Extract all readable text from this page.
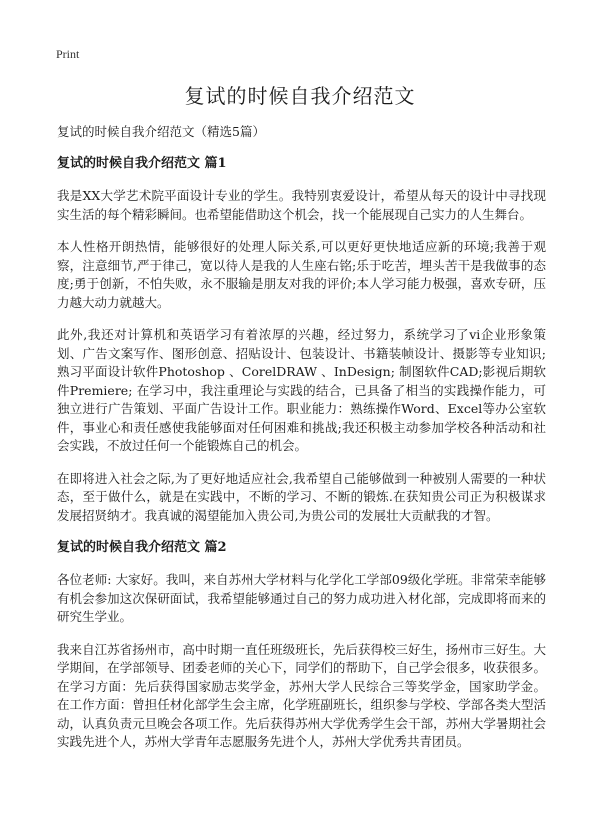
Print
复试的时候自我介绍范文

复试的时候自我介绍范文（精选5篇）

复试的时候自我介绍范文 篇1

我是XX大学艺术院平面设计专业的学生。我特别衷爱设计，希望从每天的设计中寻找现实生活的每个精彩瞬间。也希望能借助这个机会，找一个能展现自己实力的人生舞台。

本人性格开朗热情，能够很好的处理人际关系,可以更好更快地适应新的环境;我善于观察，注意细节,严于律己，宽以待人是我的人生座右铭;乐于吃苦，埋头苦干是我做事的态度;勇于创新，不怕失败，永不服输是朋友对我的评价;本人学习能力极强，喜欢专研，压力越大动力就越大。

此外,我还对计算机和英语学习有着浓厚的兴趣，经过努力，系统学习了vi企业形象策划、广告文案写作、图形创意、招贴设计、包装设计、书籍装帧设计、摄影等专业知识;熟习平面设计软件Photoshop 、CorelDRAW 、InDesign; 制图软件CAD;影视后期软件Premiere; 在学习中，我注重理论与实践的结合，已具备了相当的实践操作能力，可独立进行广告策划、平面广告设计工作。职业能力：熟练操作Word、Excel等办公室软件，事业心和责任感使我能够面对任何困难和挑战;我还积极主动参加学校各种活动和社会实践，不放过任何一个能锻炼自己的机会。

在即将进入社会之际,为了更好地适应社会,我希望自己能够做到一种被别人需要的一种状态，至于做什么，就是在实践中，不断的学习、不断的锻炼.在获知贵公司正为积极谋求发展招贤纳才。我真诚的渴望能加入贵公司,为贵公司的发展壮大贡献我的才智。

复试的时候自我介绍范文 篇2

各位老师: 大家好。我叫，来自苏州大学材料与化学化工学部09级化学班。非常荣幸能够有机会参加这次保研面试，我希望能够通过自己的努力成功进入材化部，完成即将而来的研究生学业。

我来自江苏省扬州市，高中时期一直任班级班长，先后获得校三好生，扬州市三好生。大学期间，在学部领导、团委老师的关心下，同学们的帮助下，自己学会很多，收获很多。在学习方面：先后获得国家励志奖学金，苏州大学人民综合三等奖学金，国家助学金。 在工作方面：曾担任材化部学生会主席，化学班副班长，组织参与学校、学部各类大型活动，认真负责元旦晚会各项工作。先后获得苏州大学优秀学生会干部，苏州大学暑期社会实践先进个人，苏州大学青年志愿服务先进个人，苏州大学优秀共青团员。
